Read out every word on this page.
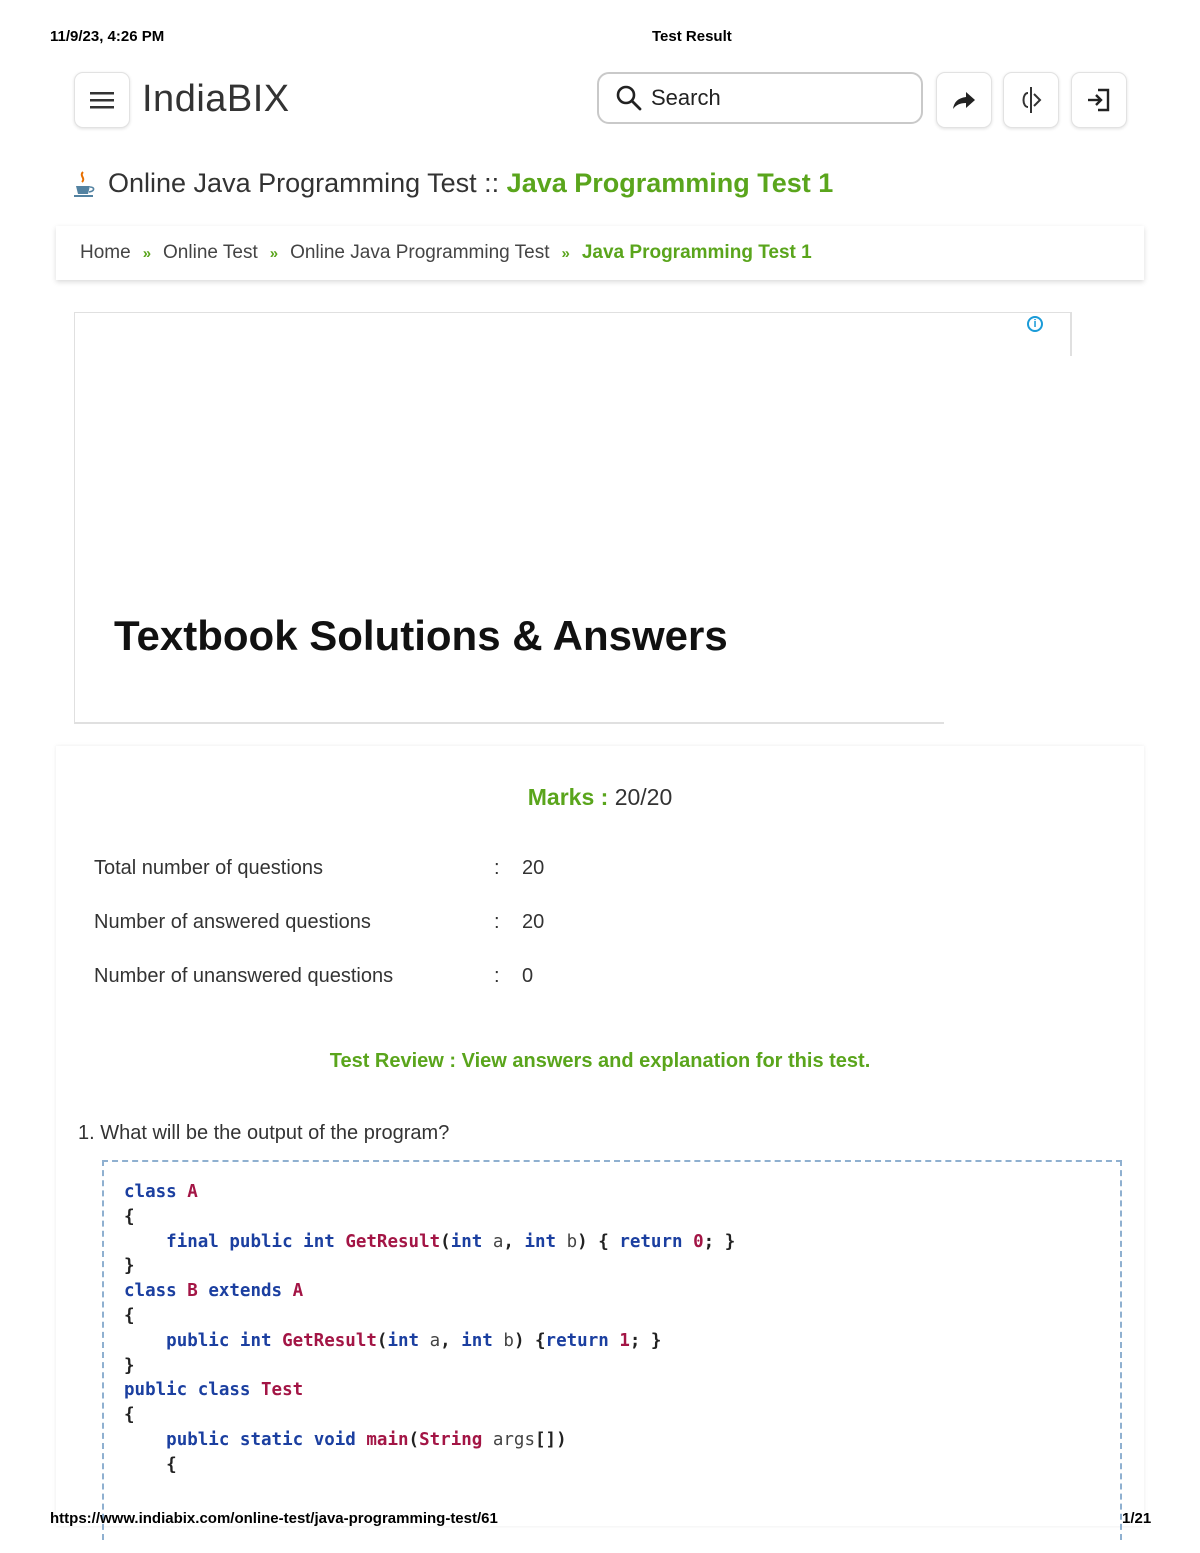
11/9/23, 4:26 PM	Test Result
IndiaBIX	Search
Online Java Programming Test :: Java Programming Test 1
Home » Online Test » Online Java Programming Test » Java Programming Test 1
i
Textbook Solutions & Answers
Marks : 20/20
Total number of questions	: 20
Number of answered questions	: 20
Number of unanswered questions	: 0
Test Review : View answers and explanation for this test.
1. What will be the output of the program?
class A
{
final public int GetResult(int a, int b) { return 0; }
}
class B extends A
{
public int GetResult(int a, int b) {return 1; }
}
public class Test
{
public static void main(String args[])
{
https://www.indiabix.com/online-test/java-programming-test/61	1/21
